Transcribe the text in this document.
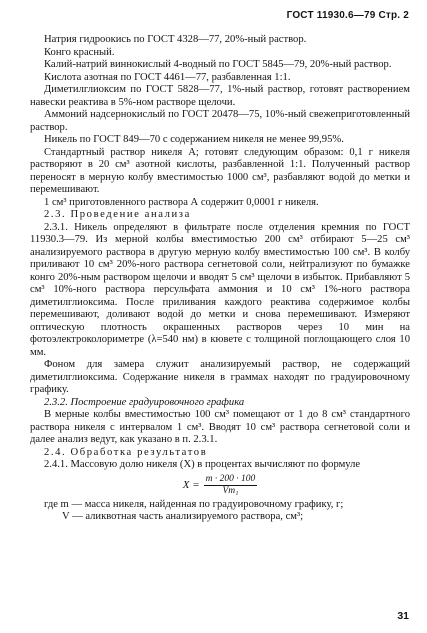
ГОСТ 11930.6—79 Стр. 2

Натрия гидроокись по ГОСТ 4328—77, 20%-ный раствор.

Конго красный.

Калий-натрий виннокислый 4-водный по ГОСТ 5845—79, 20%-ный раствор.

Кислота азотная по ГОСТ 4461—77, разбавленная 1:1.

Диметилглиоксим по ГОСТ 5828—77, 1%-ный раствор, готовят растворением навески реактива в 5%-ном растворе щелочи.

Аммоний надсернокислый по ГОСТ 20478—75, 10%-ный свежеприготовленный раствор.

Никель по ГОСТ 849—70 с содержанием никеля не менее 99,95%.

Стандартный раствор никеля А; готовят следующим образом: 0,1 г никеля растворяют в 20 см³ азотной кислоты, разбавленной 1:1. Полученный раствор переносят в мерную колбу вместимостью 1000 см³, разбавляют водой до метки и перемешивают.

1 см³ приготовленного раствора А содержит 0,0001 г никеля.

2.3. Проведение анализа

2.3.1. Никель определяют в фильтрате после отделения кремния по ГОСТ 11930.3—79. Из мерной колбы вместимостью 200 см³ отбирают 5—25 см³ анализируемого раствора в другую мерную колбу вместимостью 100 см³. В колбу приливают 10 см³ 20%-ного раствора сегнетовой соли, нейтрализуют по бумажке конго 20%-ным раствором щелочи и вводят 5 см³ щелочи в избыток. Прибавляют 5 см³ 10%-ного раствора персульфата аммония и 10 см³ 1%-ного раствора диметилглиоксима. После приливания каждого реактива содержимое колбы перемешивают, доливают водой до метки и снова перемешивают. Измеряют оптическую плотность окрашенных растворов через 10 мин на фотоэлектроколориметре (λ=540 нм) в кювете с толщиной поглощающего слоя 10 мм.

Фоном для замера служит анализируемый раствор, не содержащий диметилглиоксима. Содержание никеля в граммах находят по градуировочному графику.

2.3.2. Построение градуировочного графика

В мерные колбы вместимостью 100 см³ помещают от 1 до 8 см³ стандартного раствора никеля с интервалом 1 см³. Вводят 10 см³ раствора сегнетовой соли и далее анализ ведут, как указано в п. 2.3.1.

2.4. Обработка результатов

2.4.1. Массовую долю никеля (X) в процентах вычисляют по формуле

$X = \frac{m \cdot 200 \cdot 100}{\text{Vm₁}}$

где m — масса никеля, найденная по градуировочному графику, г;

V — аликвотная часть анализируемого раствора, см³;

31
